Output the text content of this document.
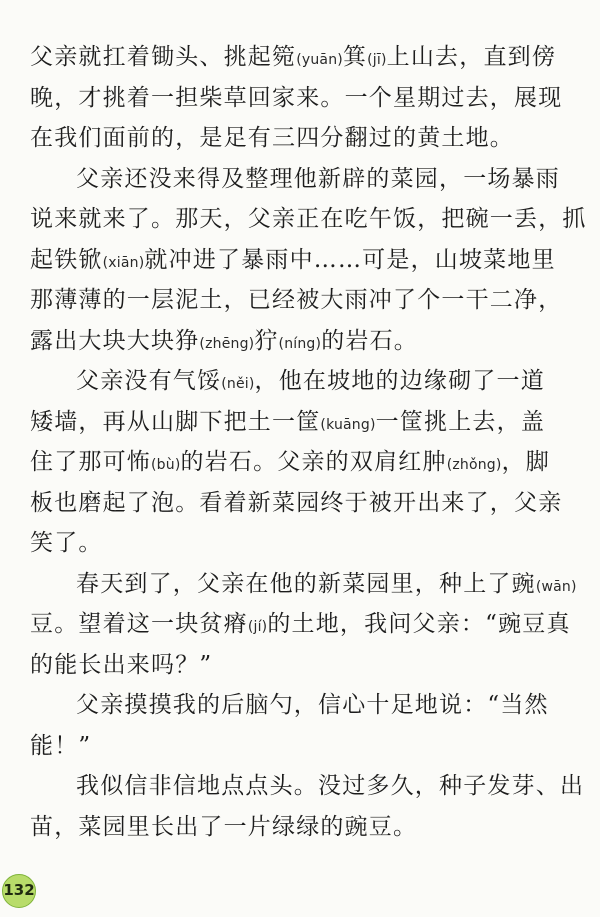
父亲就扛着锄头、挑起箢(yuān)箕(jī)上山去，直到傍
晚，才挑着一担柴草回家来。一个星期过去，展现
在我们面前的，是足有三四分翻过的黄土地。
父亲还没来得及整理他新辟的菜园，一场暴雨
说来就来了。那天，父亲正在吃午饭，把碗一丢，抓
起铁锨(xiān)就冲进了暴雨中……可是，山坡菜地里
那薄薄的一层泥土，已经被大雨冲了个一干二净，
露出大块大块狰(zhēng)狞(níng)的岩石。
父亲没有气馁(něi)，他在坡地的边缘砌了一道
矮墙，再从山脚下把土一筐(kuāng)一筐挑上去，盖
住了那可怖(bù)的岩石。父亲的双肩红肿(zhǒng)，脚
板也磨起了泡。看着新菜园终于被开出来了，父亲
笑了。
春天到了，父亲在他的新菜园里，种上了豌(wān)
豆。望着这一块贫瘠(jí)的土地，我问父亲：“豌豆真
的能长出来吗？”
父亲摸摸我的后脑勺，信心十足地说：“当然
能！”
我似信非信地点点头。没过多久，种子发芽、出
苗，菜园里长出了一片绿绿的豌豆。
132
